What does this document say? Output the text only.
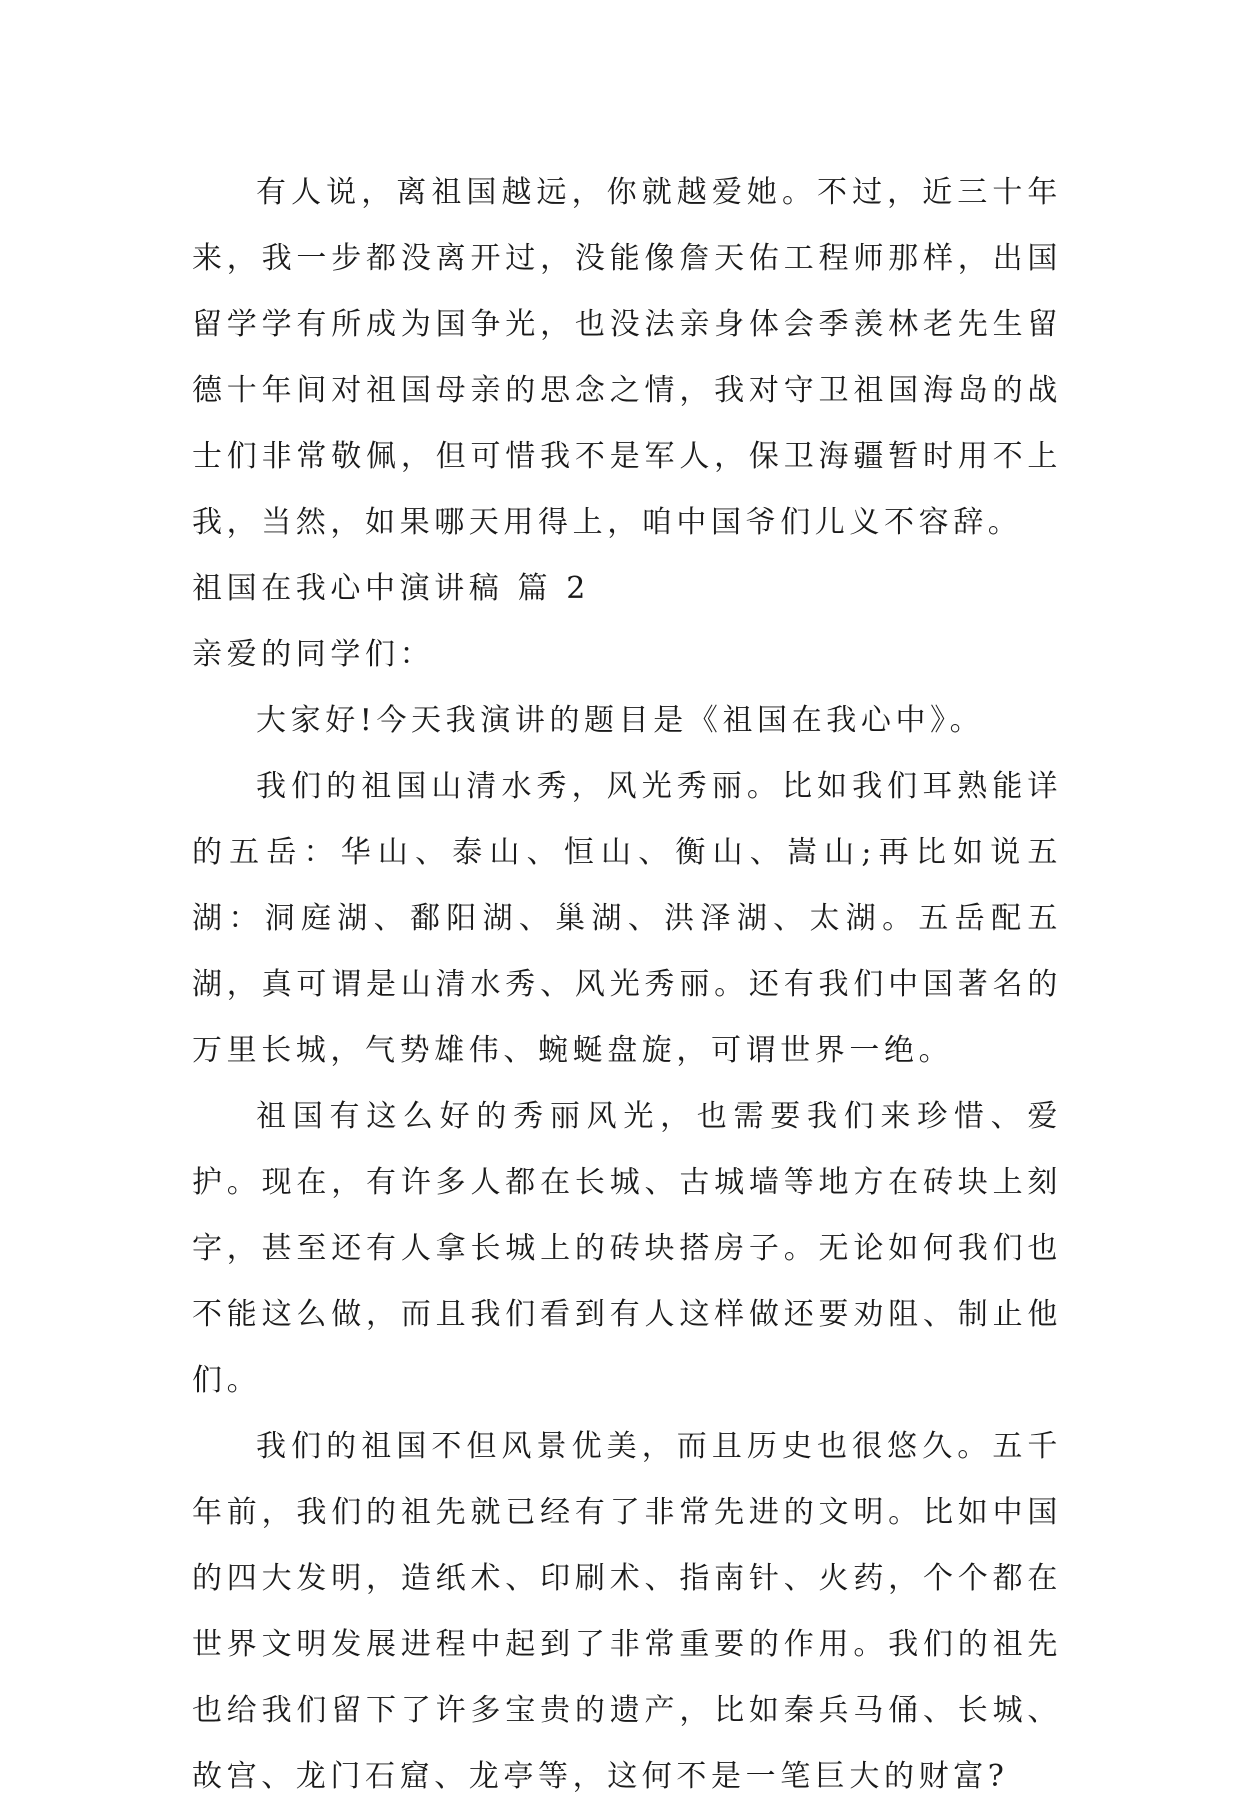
有人说，离祖国越远，你就越爱她。不过，近三十年来，我一步都没离开过，没能像詹天佑工程师那样，出国留学学有所成为国争光，也没法亲身体会季羡林老先生留德十年间对祖国母亲的思念之情，我对守卫祖国海岛的战士们非常敬佩，但可惜我不是军人，保卫海疆暂时用不上我，当然，如果哪天用得上，咱中国爷们儿义不容辞。

祖国在我心中演讲稿 篇 2

亲爱的同学们：

大家好!今天我演讲的题目是《祖国在我心中》。

我们的祖国山清水秀，风光秀丽。比如我们耳熟能详的五岳：华山、泰山、恒山、衡山、嵩山;再比如说五湖：洞庭湖、鄱阳湖、巢湖、洪泽湖、太湖。五岳配五湖，真可谓是山清水秀、风光秀丽。还有我们中国著名的万里长城，气势雄伟、蜿蜒盘旋，可谓世界一绝。

祖国有这么好的秀丽风光，也需要我们来珍惜、爱护。现在，有许多人都在长城、古城墙等地方在砖块上刻字，甚至还有人拿长城上的砖块搭房子。无论如何我们也不能这么做，而且我们看到有人这样做还要劝阻、制止他们。

我们的祖国不但风景优美，而且历史也很悠久。五千年前，我们的祖先就已经有了非常先进的文明。比如中国的四大发明，造纸术、印刷术、指南针、火药，个个都在世界文明发展进程中起到了非常重要的作用。我们的祖先也给我们留下了许多宝贵的遗产，比如秦兵马俑、长城、故宫、龙门石窟、龙亭等，这何不是一笔巨大的财富?
